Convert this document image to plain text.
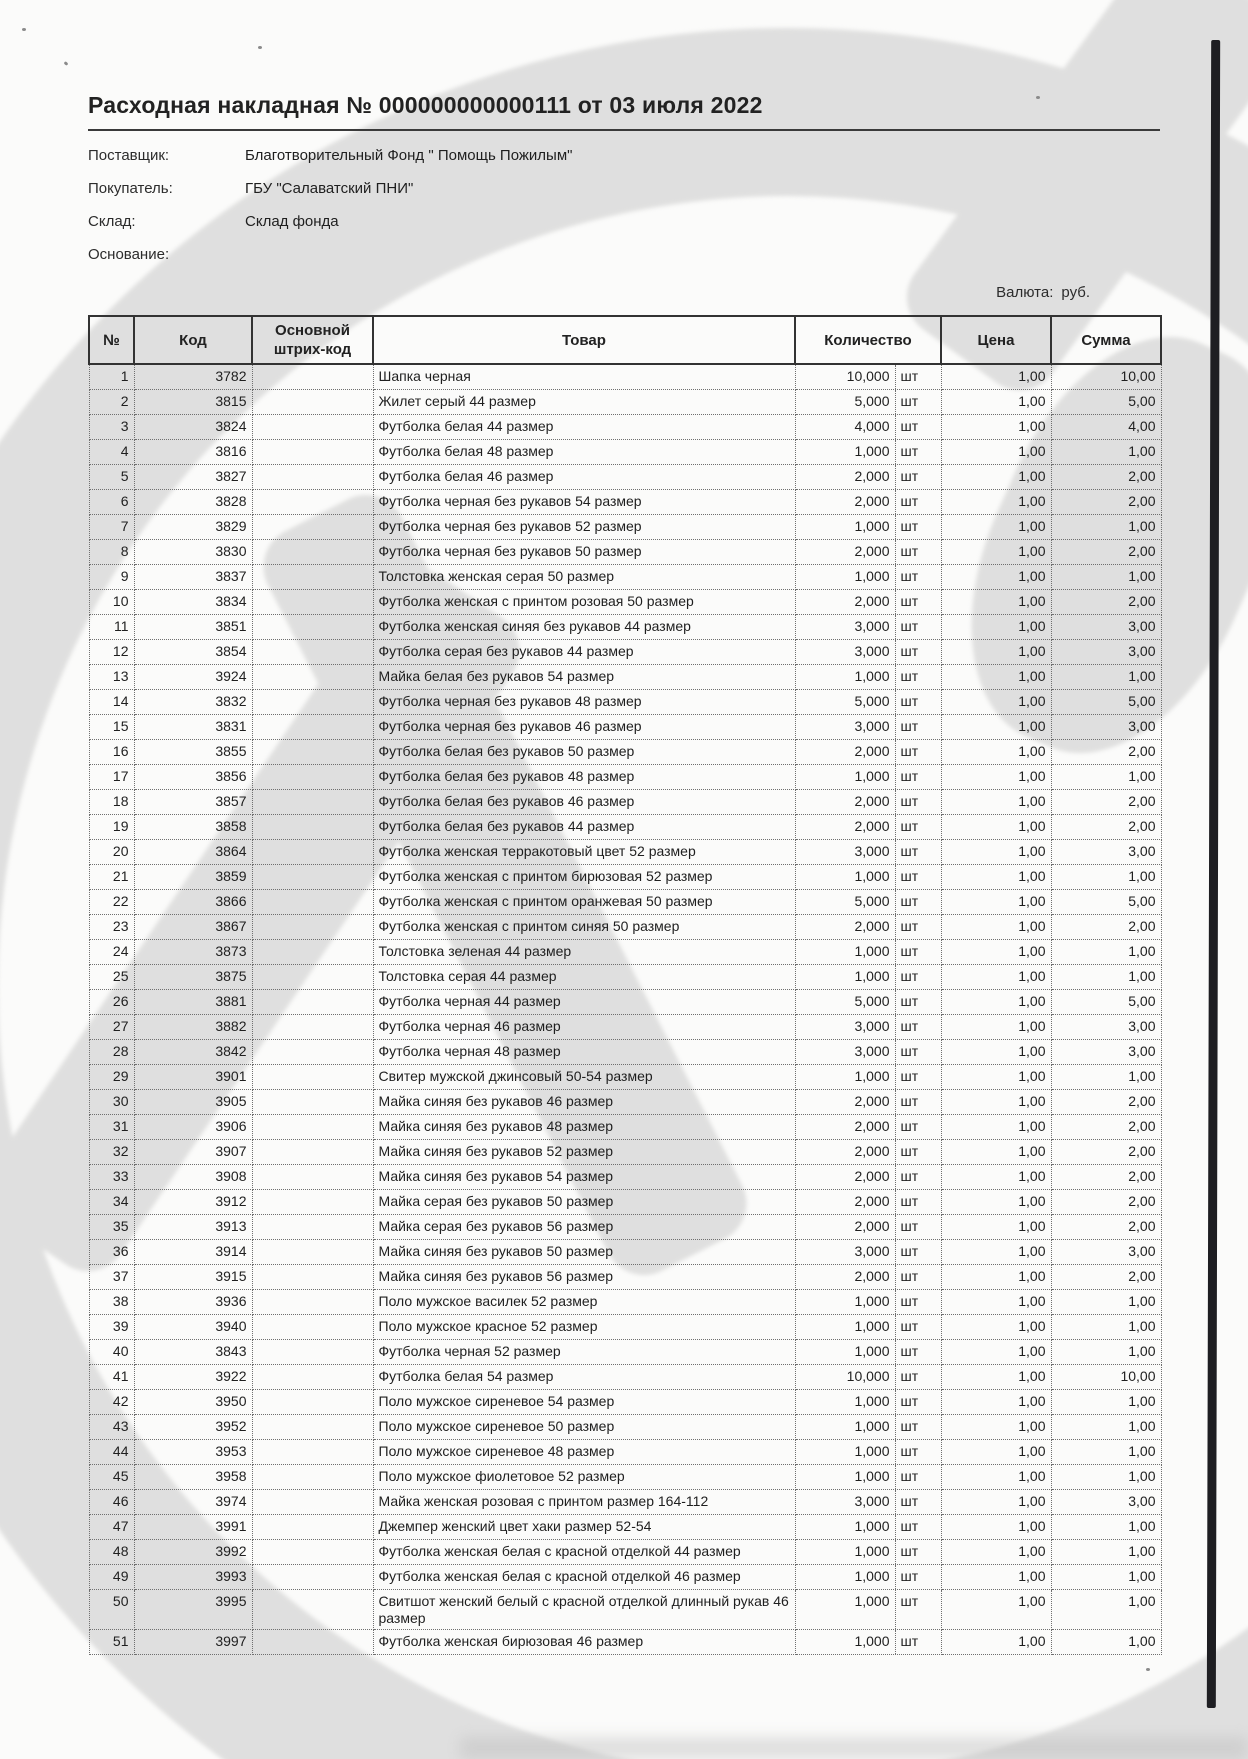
Расходная накладная № 000000000000111 от 03 июля 2022
Поставщик:	Благотворительный Фонд " Помощь Пожилым"
Покупатель:	ГБУ "Салаватский ПНИ"
Склад:	Склад фонда
Основание:
Валюта: руб.
№	Код	Основной штрих-код	Товар	Количество	Цена	Сумма
1	3782		Шапка черная	10,000 шт	1,00	10,00
2	3815		Жилет серый 44 размер	5,000 шт	1,00	5,00
3	3824		Футболка белая 44 размер	4,000 шт	1,00	4,00
4	3816		Футболка белая 48 размер	1,000 шт	1,00	1,00
5	3827		Футболка белая 46 размер	2,000 шт	1,00	2,00
6	3828		Футболка черная без рукавов 54 размер	2,000 шт	1,00	2,00
7	3829		Футболка черная без рукавов 52 размер	1,000 шт	1,00	1,00
8	3830		Футболка черная без рукавов 50 размер	2,000 шт	1,00	2,00
9	3837		Толстовка женская серая 50 размер	1,000 шт	1,00	1,00
10	3834		Футболка женская с принтом розовая 50 размер	2,000 шт	1,00	2,00
11	3851		Футболка женская синяя без рукавов 44 размер	3,000 шт	1,00	3,00
12	3854		Футболка серая без рукавов 44 размер	3,000 шт	1,00	3,00
13	3924		Майка белая без рукавов 54 размер	1,000 шт	1,00	1,00
14	3832		Футболка черная без рукавов 48 размер	5,000 шт	1,00	5,00
15	3831		Футболка черная без рукавов 46 размер	3,000 шт	1,00	3,00
16	3855		Футболка белая без рукавов 50 размер	2,000 шт	1,00	2,00
17	3856		Футболка белая без рукавов 48 размер	1,000 шт	1,00	1,00
18	3857		Футболка белая без рукавов 46 размер	2,000 шт	1,00	2,00
19	3858		Футболка белая без рукавов 44 размер	2,000 шт	1,00	2,00
20	3864		Футболка женская терракотовый цвет 52 размер	3,000 шт	1,00	3,00
21	3859		Футболка женская с принтом бирюзовая 52 размер	1,000 шт	1,00	1,00
22	3866		Футболка женская с принтом оранжевая 50 размер	5,000 шт	1,00	5,00
23	3867		Футболка женская с принтом синяя 50 размер	2,000 шт	1,00	2,00
24	3873		Толстовка зеленая 44 размер	1,000 шт	1,00	1,00
25	3875		Толстовка серая 44 размер	1,000 шт	1,00	1,00
26	3881		Футболка черная 44 размер	5,000 шт	1,00	5,00
27	3882		Футболка черная 46 размер	3,000 шт	1,00	3,00
28	3842		Футболка черная 48 размер	3,000 шт	1,00	3,00
29	3901		Свитер мужской джинсовый 50-54 размер	1,000 шт	1,00	1,00
30	3905		Майка синяя без рукавов 46 размер	2,000 шт	1,00	2,00
31	3906		Майка синяя без рукавов 48 размер	2,000 шт	1,00	2,00
32	3907		Майка синяя без рукавов 52 размер	2,000 шт	1,00	2,00
33	3908		Майка синяя без рукавов 54 размер	2,000 шт	1,00	2,00
34	3912		Майка серая без рукавов 50 размер	2,000 шт	1,00	2,00
35	3913		Майка серая без рукавов 56 размер	2,000 шт	1,00	2,00
36	3914		Майка синяя без рукавов 50 размер	3,000 шт	1,00	3,00
37	3915		Майка синяя без рукавов 56 размер	2,000 шт	1,00	2,00
38	3936		Поло мужское василек 52 размер	1,000 шт	1,00	1,00
39	3940		Поло мужское красное 52 размер	1,000 шт	1,00	1,00
40	3843		Футболка черная 52 размер	1,000 шт	1,00	1,00
41	3922		Футболка белая 54 размер	10,000 шт	1,00	10,00
42	3950		Поло мужское сиреневое 54 размер	1,000 шт	1,00	1,00
43	3952		Поло мужское сиреневое 50 размер	1,000 шт	1,00	1,00
44	3953		Поло мужское сиреневое 48 размер	1,000 шт	1,00	1,00
45	3958		Поло мужское фиолетовое 52 размер	1,000 шт	1,00	1,00
46	3974		Майка женская розовая с принтом размер 164-112	3,000 шт	1,00	3,00
47	3991		Джемпер женский цвет хаки размер 52-54	1,000 шт	1,00	1,00
48	3992		Футболка женская белая с красной отделкой 44 размер	1,000 шт	1,00	1,00
49	3993		Футболка женская белая с красной отделкой 46 размер	1,000 шт	1,00	1,00
50	3995		Свитшот женский белый с красной отделкой длинный рукав 46 размер	1,000 шт	1,00	1,00
51	3997		Футболка женская бирюзовая 46 размер	1,000 шт	1,00	1,00
